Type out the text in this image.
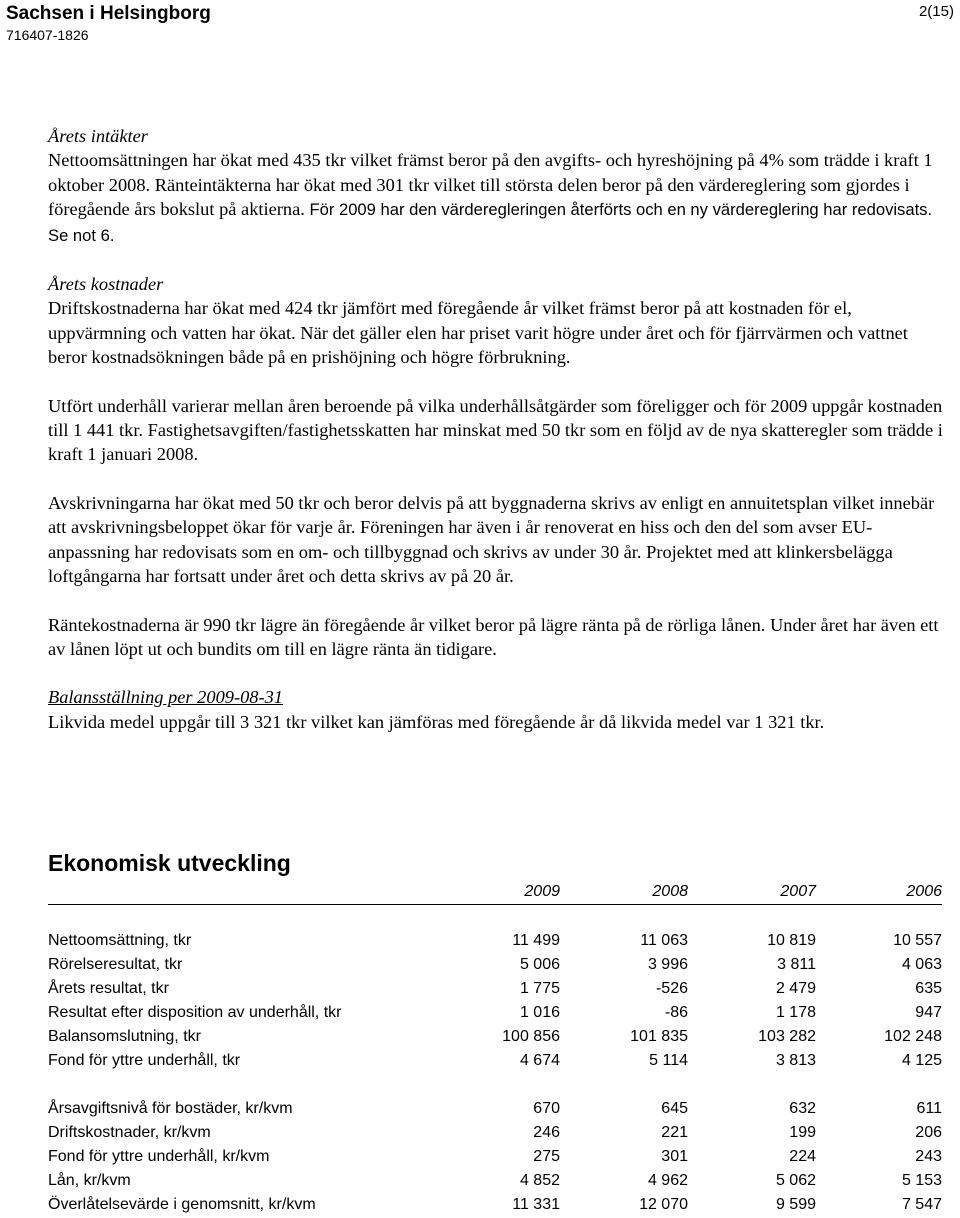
Sachsen i Helsingborg
716407-1826
2(15)

Årets intäkter

Nettoomsättningen har ökat med 435 tkr vilket främst beror på den avgifts- och hyreshöjning på 4% som trädde i kraft 1 oktober 2008. Ränteintäkterna har ökat med 301 tkr vilket till största delen beror på den värdereglering som gjordes i föregående års bokslut på aktierna. För 2009 har den värderegleringen återförts och en ny värdereglering har redovisats. Se not 6.

Årets kostnader

Driftskostnaderna har ökat med 424 tkr jämfört med föregående år vilket främst beror på att kostnaden för el, uppvärmning och vatten har ökat. När det gäller elen har priset varit högre under året och för fjärrvärmen och vattnet beror kostnadsökningen både på en prishöjning och högre förbrukning.

Utfört underhåll varierar mellan åren beroende på vilka underhållsåtgärder som föreligger och för 2009 uppgår kostnaden till 1 441 tkr. Fastighetsavgiften/fastighetsskatten har minskat med 50 tkr som en följd av de nya skatteregler som trädde i kraft 1 januari 2008.

Avskrivningarna har ökat med 50 tkr och beror delvis på att byggnaderna skrivs av enligt en annuitetsplan vilket innebär att avskrivningsbeloppet ökar för varje år. Föreningen har även i år renoverat en hiss och den del som avser EU-anpassning har redovisats som en om- och tillbyggnad och skrivs av under 30 år. Projektet med att klinkersbelägga loftgångarna har fortsatt under året och detta skrivs av på 20 år.

Räntekostnaderna är 990 tkr lägre än föregående år vilket beror på lägre ränta på de rörliga lånen. Under året har även ett av lånen löpt ut och bundits om till en lägre ränta än tidigare.

Balansställning per 2009-08-31

Likvida medel uppgår till 3 321 tkr vilket kan jämföras med föregående år då likvida medel var 1 321 tkr.

Ekonomisk utveckling
2009	2008	2007	2006
Nettoomsättning, tkr	11 499	11 063	10 819	10 557
Rörelseresultat, tkr	5 006	3 996	3 811	4 063
Årets resultat, tkr	1 775	-526	2 479	635
Resultat efter disposition av underhåll, tkr	1 016	-86	1 178	947
Balansomslutning, tkr	100 856	101 835	103 282	102 248
Fond för yttre underhåll, tkr	4 674	5 114	3 813	4 125
Årsavgiftsnivå för bostäder, kr/kvm	670	645	632	611
Driftskostnader, kr/kvm	246	221	199	206
Fond för yttre underhåll, kr/kvm	275	301	224	243
Lån, kr/kvm	4 852	4 962	5 062	5 153
Överlåtelsevärde i genomsnitt, kr/kvm	11 331	12 070	9 599	7 547
